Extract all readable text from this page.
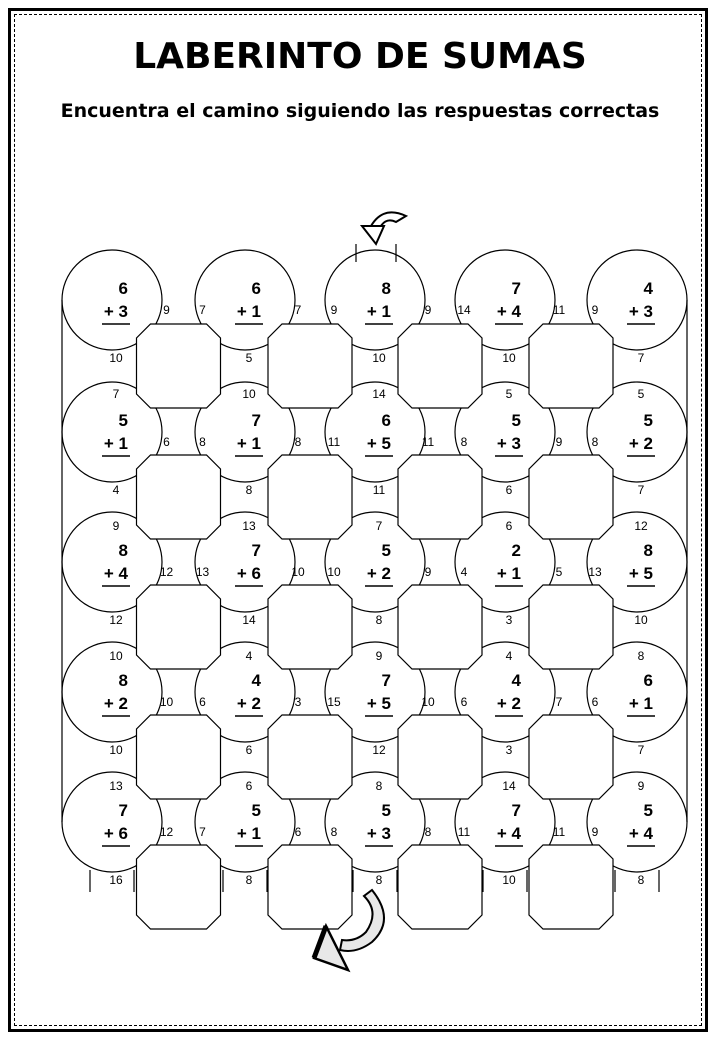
LABERINTO DE SUMAS
Encuentra el camino siguiendo las respuestas correctas
6
+ 3
6
+ 1
8
+ 1
7
+ 4
4
+ 3
5
+ 1
7
+ 1
6
+ 5
5
+ 3
5
+ 2
8
+ 4
7
+ 6
5
+ 2
2
+ 1
8
+ 5
8
+ 2
4
+ 2
7
+ 5
4
+ 2
6
+ 1
7
+ 6
5
+ 1
5
+ 3
7
+ 4
5
+ 4
9 7	7 9	9 14	11 9
6 8	8 11	11 8	9 8
12 13	10 10	9 4	5 13
10 6	3 15	10 6	7 6
12 7	6 8	8 11	11 9
10
7
5
10
10
14
10
5
7
5
4
9
8
13
11
7
6
6
7
12
12
10
14
4
8
9
3
4
10
8
10
13
6
6
12
8
3
14
7
9
16	8	8	10	8
